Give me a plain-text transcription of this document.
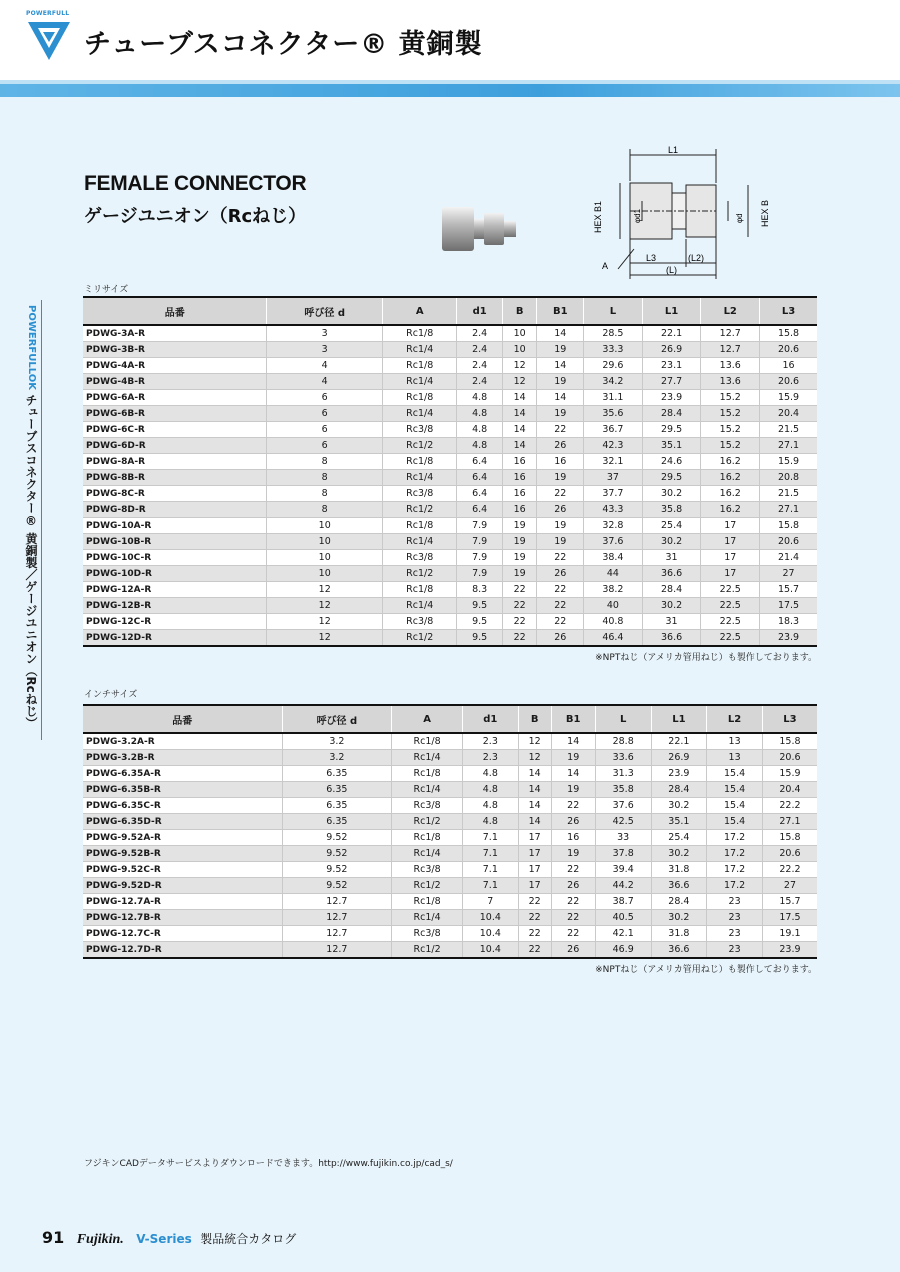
POWERFULL
チューブスコネクター® 黄銅製
POWERFULLOK チューブスコネクター® 黄銅製／ゲージユニオン（Rcねじ）
FEMALE CONNECTOR
ゲージユニオン（Rcねじ）
L1
HEX B1	φd1	φd HEX B
A
L3	(L2)
(L)
ミリサイズ
品番	呼び径 d	A	d1	B	B1	L	L1	L2	L3
PDWG-3A-R	3	Rc1/8	2.4	10	14	28.5	22.1	12.7	15.8
PDWG-3B-R	3	Rc1/4	2.4	10	19	33.3	26.9	12.7	20.6
PDWG-4A-R	4	Rc1/8	2.4	12	14	29.6	23.1	13.6	16
PDWG-4B-R	4	Rc1/4	2.4	12	19	34.2	27.7	13.6	20.6
PDWG-6A-R	6	Rc1/8	4.8	14	14	31.1	23.9	15.2	15.9
PDWG-6B-R	6	Rc1/4	4.8	14	19	35.6	28.4	15.2	20.4
PDWG-6C-R	6	Rc3/8	4.8	14	22	36.7	29.5	15.2	21.5
PDWG-6D-R	6	Rc1/2	4.8	14	26	42.3	35.1	15.2	27.1
PDWG-8A-R	8	Rc1/8	6.4	16	16	32.1	24.6	16.2	15.9
PDWG-8B-R	8	Rc1/4	6.4	16	19	37	29.5	16.2	20.8
PDWG-8C-R	8	Rc3/8	6.4	16	22	37.7	30.2	16.2	21.5
PDWG-8D-R	8	Rc1/2	6.4	16	26	43.3	35.8	16.2	27.1
PDWG-10A-R	10	Rc1/8	7.9	19	19	32.8	25.4	17	15.8
PDWG-10B-R	10	Rc1/4	7.9	19	19	37.6	30.2	17	20.6
PDWG-10C-R	10	Rc3/8	7.9	19	22	38.4	31	17	21.4
PDWG-10D-R	10	Rc1/2	7.9	19	26	44	36.6	17	27
PDWG-12A-R	12	Rc1/8	8.3	22	22	38.2	28.4	22.5	15.7
PDWG-12B-R	12	Rc1/4	9.5	22	22	40	30.2	22.5	17.5
PDWG-12C-R	12	Rc3/8	9.5	22	22	40.8	31	22.5	18.3
PDWG-12D-R	12	Rc1/2	9.5	22	26	46.4	36.6	22.5	23.9
※NPTねじ（アメリカ管用ねじ）も製作しております。
インチサイズ
品番	呼び径 d	A	d1	B	B1	L	L1	L2	L3
PDWG-3.2A-R	3.2	Rc1/8	2.3	12	14	28.8	22.1	13	15.8
PDWG-3.2B-R	3.2	Rc1/4	2.3	12	19	33.6	26.9	13	20.6
PDWG-6.35A-R	6.35	Rc1/8	4.8	14	14	31.3	23.9	15.4	15.9
PDWG-6.35B-R	6.35	Rc1/4	4.8	14	19	35.8	28.4	15.4	20.4
PDWG-6.35C-R	6.35	Rc3/8	4.8	14	22	37.6	30.2	15.4	22.2
PDWG-6.35D-R	6.35	Rc1/2	4.8	14	26	42.5	35.1	15.4	27.1
PDWG-9.52A-R	9.52	Rc1/8	7.1	17	16	33	25.4	17.2	15.8
PDWG-9.52B-R	9.52	Rc1/4	7.1	17	19	37.8	30.2	17.2	20.6
PDWG-9.52C-R	9.52	Rc3/8	7.1	17	22	39.4	31.8	17.2	22.2
PDWG-9.52D-R	9.52	Rc1/2	7.1	17	26	44.2	36.6	17.2	27
PDWG-12.7A-R	12.7	Rc1/8	7	22	22	38.7	28.4	23	15.7
PDWG-12.7B-R	12.7	Rc1/4	10.4	22	22	40.5	30.2	23	17.5
PDWG-12.7C-R	12.7	Rc3/8	10.4	22	22	42.1	31.8	23	19.1
PDWG-12.7D-R	12.7	Rc1/2	10.4	22	26	46.9	36.6	23	23.9
※NPTねじ（アメリカ管用ねじ）も製作しております。
フジキンCADデータサービスよりダウンロードできます。http://www.fujikin.co.jp/cad_s/
91 Fujikin. V-Series 製品統合カタログ
